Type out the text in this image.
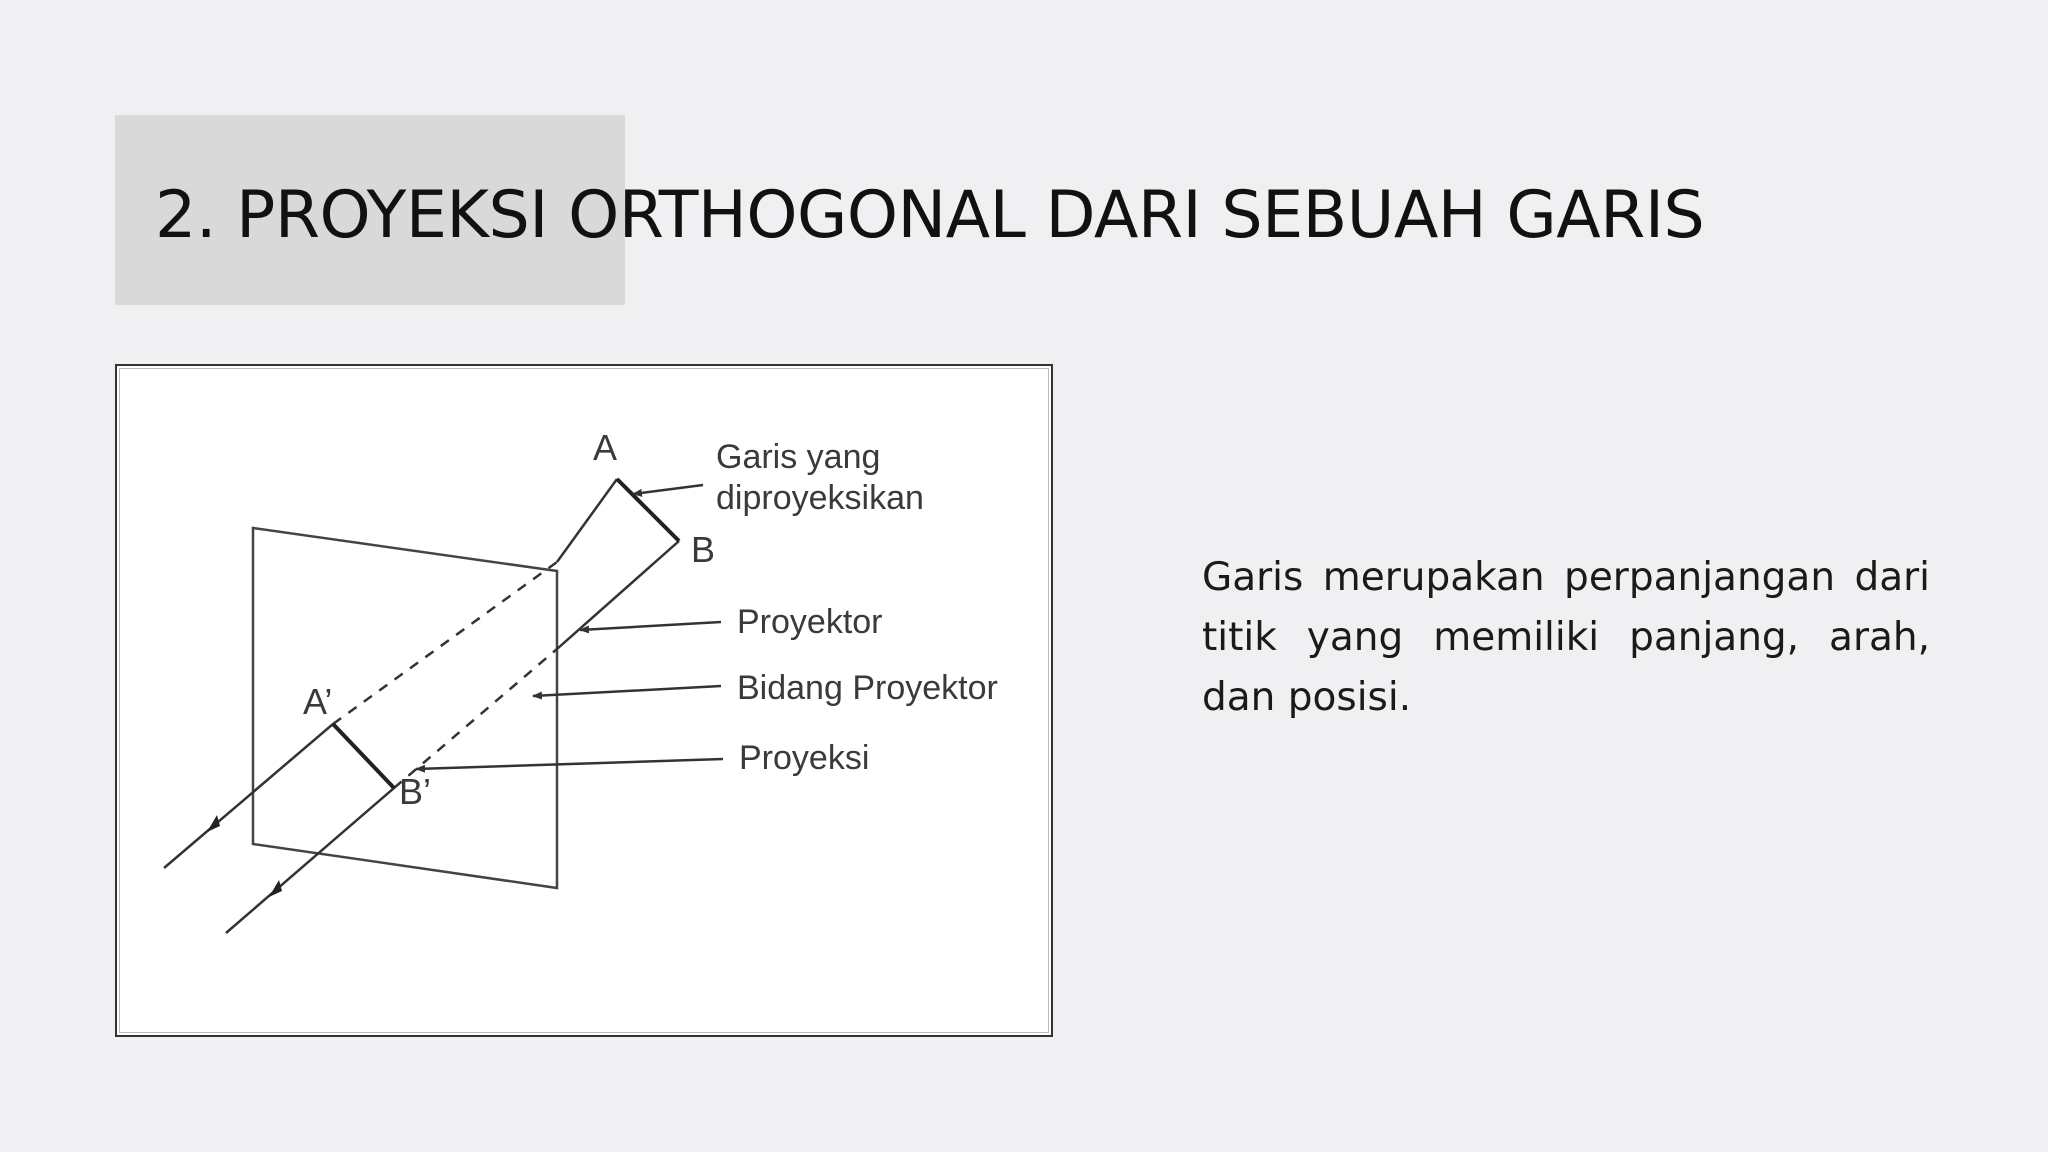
2. PROYEKSI ORTHOGONAL DARI SEBUAH GARIS
A
B
A’
B’
Garis yang
diproyeksikan
Proyektor
Bidang Proyektor
Proyeksi

Garis merupakan perpanjangan dari titik yang memiliki panjang, arah, dan posisi.
